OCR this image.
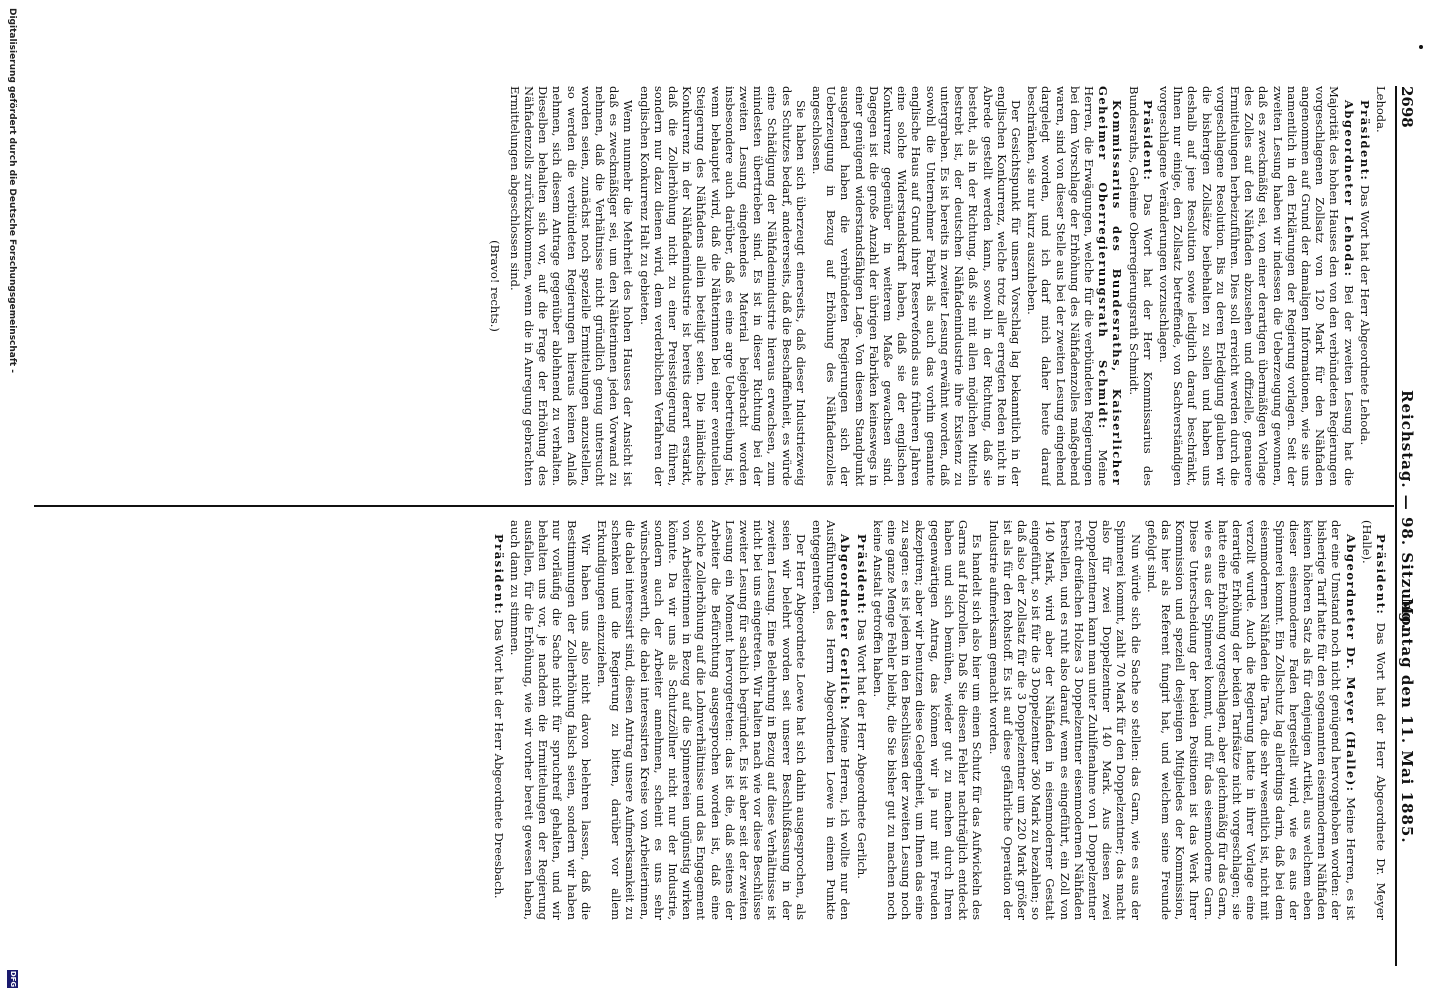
2698
Reichstag. — 98. Sitzung.
Montag den 11. Mai 1885.

Lehoda.

Präsident: Das Wort hat der Herr Abgeordnete Lehoda.

Abgeordneter Lehoda: Bei der zweiten Lesung hat die Majorität des hohen Hauses den von den verbündeten Regierungen vorgeschlagenen Zollsatz von 120 Mark für den Nähfaden angenommen auf Grund der damaligen Informationen, wie sie uns namentlich in den Erklärungen der Regierung vorlagen. Seit der zweiten Lesung haben wir indessen die Ueberzeugung gewonnen, daß es zweckmäßig sei, von einer derartigen übermäßigen Vorlage des Zolles auf den Nähfaden abzusehen und offizielle, genauere Ermittelungen herbeizuführen. Dies soll erreicht werden durch die vorgeschlagene Resolution. Bis zu deren Erledigung glauben wir die bisherigen Zollsätze beibehalten zu sollen und haben uns deshalb auf jene Resolution sowie lediglich darauf beschränkt, Ihnen nur einige, den Zollsatz betreffende, von Sachverständigen vorgeschlagene Veränderungen vorzuschlagen.

Präsident: Das Wort hat der Herr Kommissarius des Bundesraths, Geheime Oberregierungsrath Schmidt.

Kommissarius des Bundesraths, Kaiserlicher Geheimer Oberregierungsrath Schmidt: Meine Herren, die Erwägungen, welche für die verbündeten Regierungen bei dem Vorschlage der Erhöhung des Nähfadenzolles maßgebend waren, sind von dieser Stelle aus bei der zweiten Lesung eingehend dargelegt worden, und ich darf mich daher heute darauf beschränken, sie nur kurz auszuheben.

Der Gesichtspunkt für unsern Vorschlag lag bekanntlich in der englischen Konkurrenz, welche trotz aller erregten Reden nicht in Abrede gestellt werden kann, sowohl in der Richtung, daß sie besteht, als in der Richtung, daß sie mit allen möglichen Mitteln bestrebt ist, der deutschen Nähfadenindustrie ihre Existenz zu untergraben. Es ist bereits in zweiter Lesung erwähnt worden, daß sowohl die Unternehmer Fabrik als auch das vorhin genannte englische Haus auf Grund ihrer Reservefonds aus früheren Jahren eine solche Widerstandskraft haben, daß sie der englischen Konkurrenz gegenüber in weiterem Maße gewachsen sind. Dagegen ist die große Anzahl der übrigen Fabriken keineswegs in einer genügend widerstandsfähigen Lage. Von diesem Standpunkt ausgehend haben die verbündeten Regierungen sich der Ueberzeugung in Bezug auf Erhöhung des Nähfadenzolles angeschlossen.

Sie haben sich überzeugt einerseits, daß dieser Industriezweig des Schutzes bedarf, andererseits, daß die Beschaffenheit, es würde eine Schädigung der Nähfadenindustrie hieraus erwachsen, zum mindesten übertrieben sind. Es ist in dieser Richtung bei der zweiten Lesung eingehendes Material beigebracht worden insbesondere auch darüber, daß es eine arge Uebertreibung ist, wenn behauptet wird, daß die Nähterinnen bei einer eventuellen Steigerung des Nähfadens allein beteiligt seien. Die inländische Konkurrenz in der Nähfadenindustrie ist bereits derart erstarkt, daß die Zollerhöhung nicht zu einer Preissteigerung führen, sondern nur dazu dienen wird, dem verderblichen Verfahren der englischen Konkurrenz Halt zu gebieten.

Wenn nunmehr die Mehrheit des hohen Hauses der Ansicht ist daß es zweckmäßiger sei, um den Nähterinnen jeden Vorwand zu nehmen, daß die Verhältnisse nicht gründlich genug untersucht worden seien, zunächst noch spezielle Ermittelungen anzustellen, so werden die verbündeten Regierungen hieraus keinen Anlaß nehmen, sich diesem Antrage gegenüber ablehnend zu verhalten. Dieselben behalten sich vor, auf die Frage der Erhöhung des Nähfadenzolls zurückzukommen, wenn die in Anregung gebrachten Ermittelungen abgeschlossen sind.

(Bravo! rechts.)

Präsident: Das Wort hat der Herr Abgeordnete Dr. Meyer (Halle).

Abgeordneter Dr. Meyer (Halle): Meine Herren, es ist der eine Umstand noch nicht genügend hervorgehoben worden: der bisherige Tarif hatte für den sogenannten eisenmodernen Nähfaden keinen höheren Satz als für denjenigen Artikel, aus welchem eben dieser eisenmoderne Faden hergestellt wird, wie es aus der Spinnerei kommt. Ein Zollschutz lag allerdings darin, daß bei dem eisenmodernen Nähfaden die Tara, die sehr wesentlich ist, nicht mit verzollt wurde. Auch die Regierung hatte in ihrer Vorlage eine derartige Erhöhung der beiden Tarifsätze nicht vorgeschlagen; sie hatte eine Erhöhung vorgeschlagen, aber gleichmäßig für das Garn, wie es aus der Spinnerei kommt, und für das eisenmoderne Garn. Diese Unterscheidung der beiden Positionen ist das Werk Ihrer Kommission und speziell desjenigen Mitgliedes der Kommission, das hier als Referent fungirt hat, und welchem seine Freunde gefolgt sind.

Nun würde sich die Sache so stellen: das Garn, wie es aus der Spinnerei kommt, zahlt 70 Mark für den Doppelzentner; das macht also für zwei Doppelzentner 140 Mark. Aus diesen zwei Doppelzentnern kann man unter Zuhilfenahme von 1 Doppelzentner recht dreifachen Holzes 3 Doppelzentner eisenmodernen Nähfaden herstellen, und es ruht also darauf, wenn es eingeführt, ein Zoll von 140 Mark, wird aber der Nähfaden in eisenmoderner Gestalt eingeführt, so ist für die 3 Doppelzentner 360 Mark zu bezahlen; so daß also der Zollsatz für die 3 Doppelzentner um 220 Mark größer ist als für den Rohstoff. Es ist auf diese gefährliche Operation der Industrie aufmerksam gemacht worden.

Es handelt sich also hier um einen Schutz für das Aufwickeln des Garns auf Holzrollen. Daß Sie diesen Fehler nachträglich entdeckt haben und sich bemühen, wieder gut zu machen durch Ihren gegenwärtigen Antrag, das können wir ja nur mit Freuden akzeptiren; aber wir benutzen diese Gelegenheit, um Ihnen das eine zu sagen: es ist jedem in den Beschlüssen der zweiten Lesung noch eine ganze Menge Fehler bleibt, die Sie bisher gut zu machen noch keine Anstalt getroffen haben.

Präsident: Das Wort hat der Herr Abgeordnete Gerlich.

Abgeordneter Gerlich: Meine Herren, ich wollte nur den Ausführungen des Herrn Abgeordneten Loewe in einem Punkte entgegentreten.

Der Herr Abgeordnete Loewe hat sich dahin ausgesprochen, als seien wir belehrt worden seit unserer Beschlußfassung in der zweiten Lesung. Eine Belehrung in Bezug auf diese Verhältnisse ist nicht bei uns eingetreten. Wir halten nach wie vor diese Beschlüsse zweiter Lesung für sachlich begründet. Es ist aber seit der zweiten Lesung ein Moment hervorgetreten: das ist die, daß seitens der Arbeiter die Befürchtung ausgesprochen worden ist, daß eine solche Zollerhöhung auf die Lohnverhältnisse und das Engagement von Arbeiterinnen in Bezug auf die Spinnereien ungünstig wirken könnte. Da wir uns als Schutzzöllner nicht nur der Industrie, sondern auch der Arbeiter annehmen, scheint es uns sehr wünschenswerth, die dabei interessirten Kreise von Arbeiterinnen, die dabei interessirt sind, diesen Antrag unsere Aufmerksamkeit zu schenken und die Regierung zu bitten, darüber vor allem Erkundigungen einzuziehen.

Wir haben uns also nicht davon belehren lassen, daß die Bestimmungen der Zollerhöhung falsch seien, sondern wir haben nur vorläufig die Sache nicht für spruchreif gehalten, und wir behalten uns vor, je nachdem die Ermittelungen der Regierung ausfallen, für die Erhöhung, wie wir vorher bereit gewesen haben, auch dann zu stimmen.

Präsident: Das Wort hat der Herr Abgeordnete Dreesbach.

Digitalisierung gefördert durch die Deutsche Forschungsgemeinschaft -
DFG
